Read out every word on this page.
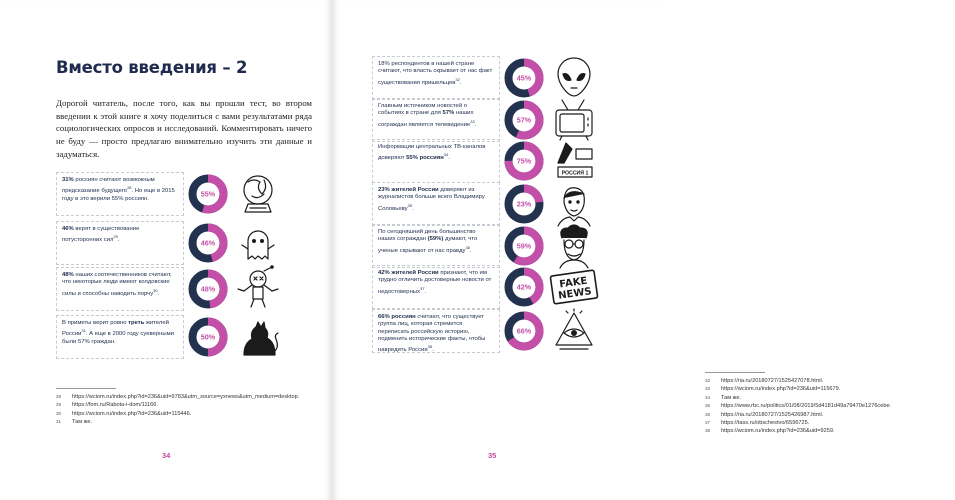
Вместо введения – 2
Дорогой читатель, после того, как вы прошли тест, во втором введении к этой книге я хочу поделиться с вами результатами ряда социологических опросов и исследований. Комментировать ничего не буду — просто предлагаю внимательно изучить эти данные и задуматься.
31% россиян считают возможным предсказание будущего$^{28}$. Но еще в 2015 году в это верили 55% россиян.	55%
46% верят в существование потусторонних сил$^{29}$.	46%
48% наших соотечественников считают, что некоторые люди имеют колдовские силы и способны наводить порчу$^{30}$.	48%
В приметы верит ровно треть жителей России$^{31}$. А еще в 2000 году суеверными были 57% граждан.	50%
28 https://wciom.ru/index.php?id=236&uid=9783&utm_source=yxnews&utm_medium=desktop.
29 https://fom.ru/Rabota-i-dom/11166.
30 https://wciom.ru/index.php?id=236&uid=115446.
31 Там же.
34
32 https://ria.ru/20180727/1525427078.html.
33 https://wciom.ru/index.php?id=236&uid=115679.
34 Там же.
35 https://www.rbc.ru/politics/01/08/2019/5d4181d49a79470e1276cebe.
36 https://ria.ru/20180727/1525426987.html.
37 https://tass.ru/obschestvo/6596725.
38 https://wciom.ru/index.php?id=236&uid=9259.
35
18% респондентов в нашей стране считают, что власть скрывает от нас факт существования пришельцев$^{32}$.	45%
Главным источником новостей о событиях в стране для 57% наших сограждан является телевидение$^{33}$.	57%
Информации центральных ТВ-каналов доверяют 55% россиян$^{34}$.	75%
РОССИЯ 1
23% жителей России доверяют из журналистов больше всего Владимиру Соловьеву$^{35}$.	23%
По сегодняшний день большинство наших сограждан (59%) думают, что ученые скрывают от нас правду$^{36}$.	59%
42% жителей России признают, что им трудно отличить достоверные новости от недостоверных$^{37}$.	42%	FAKE
NEWS
66% россиян считают, что существует группа лиц, которая стремится переписать российскую историю, подменить исторические факты, чтобы навредить России$^{38}$.
66%
